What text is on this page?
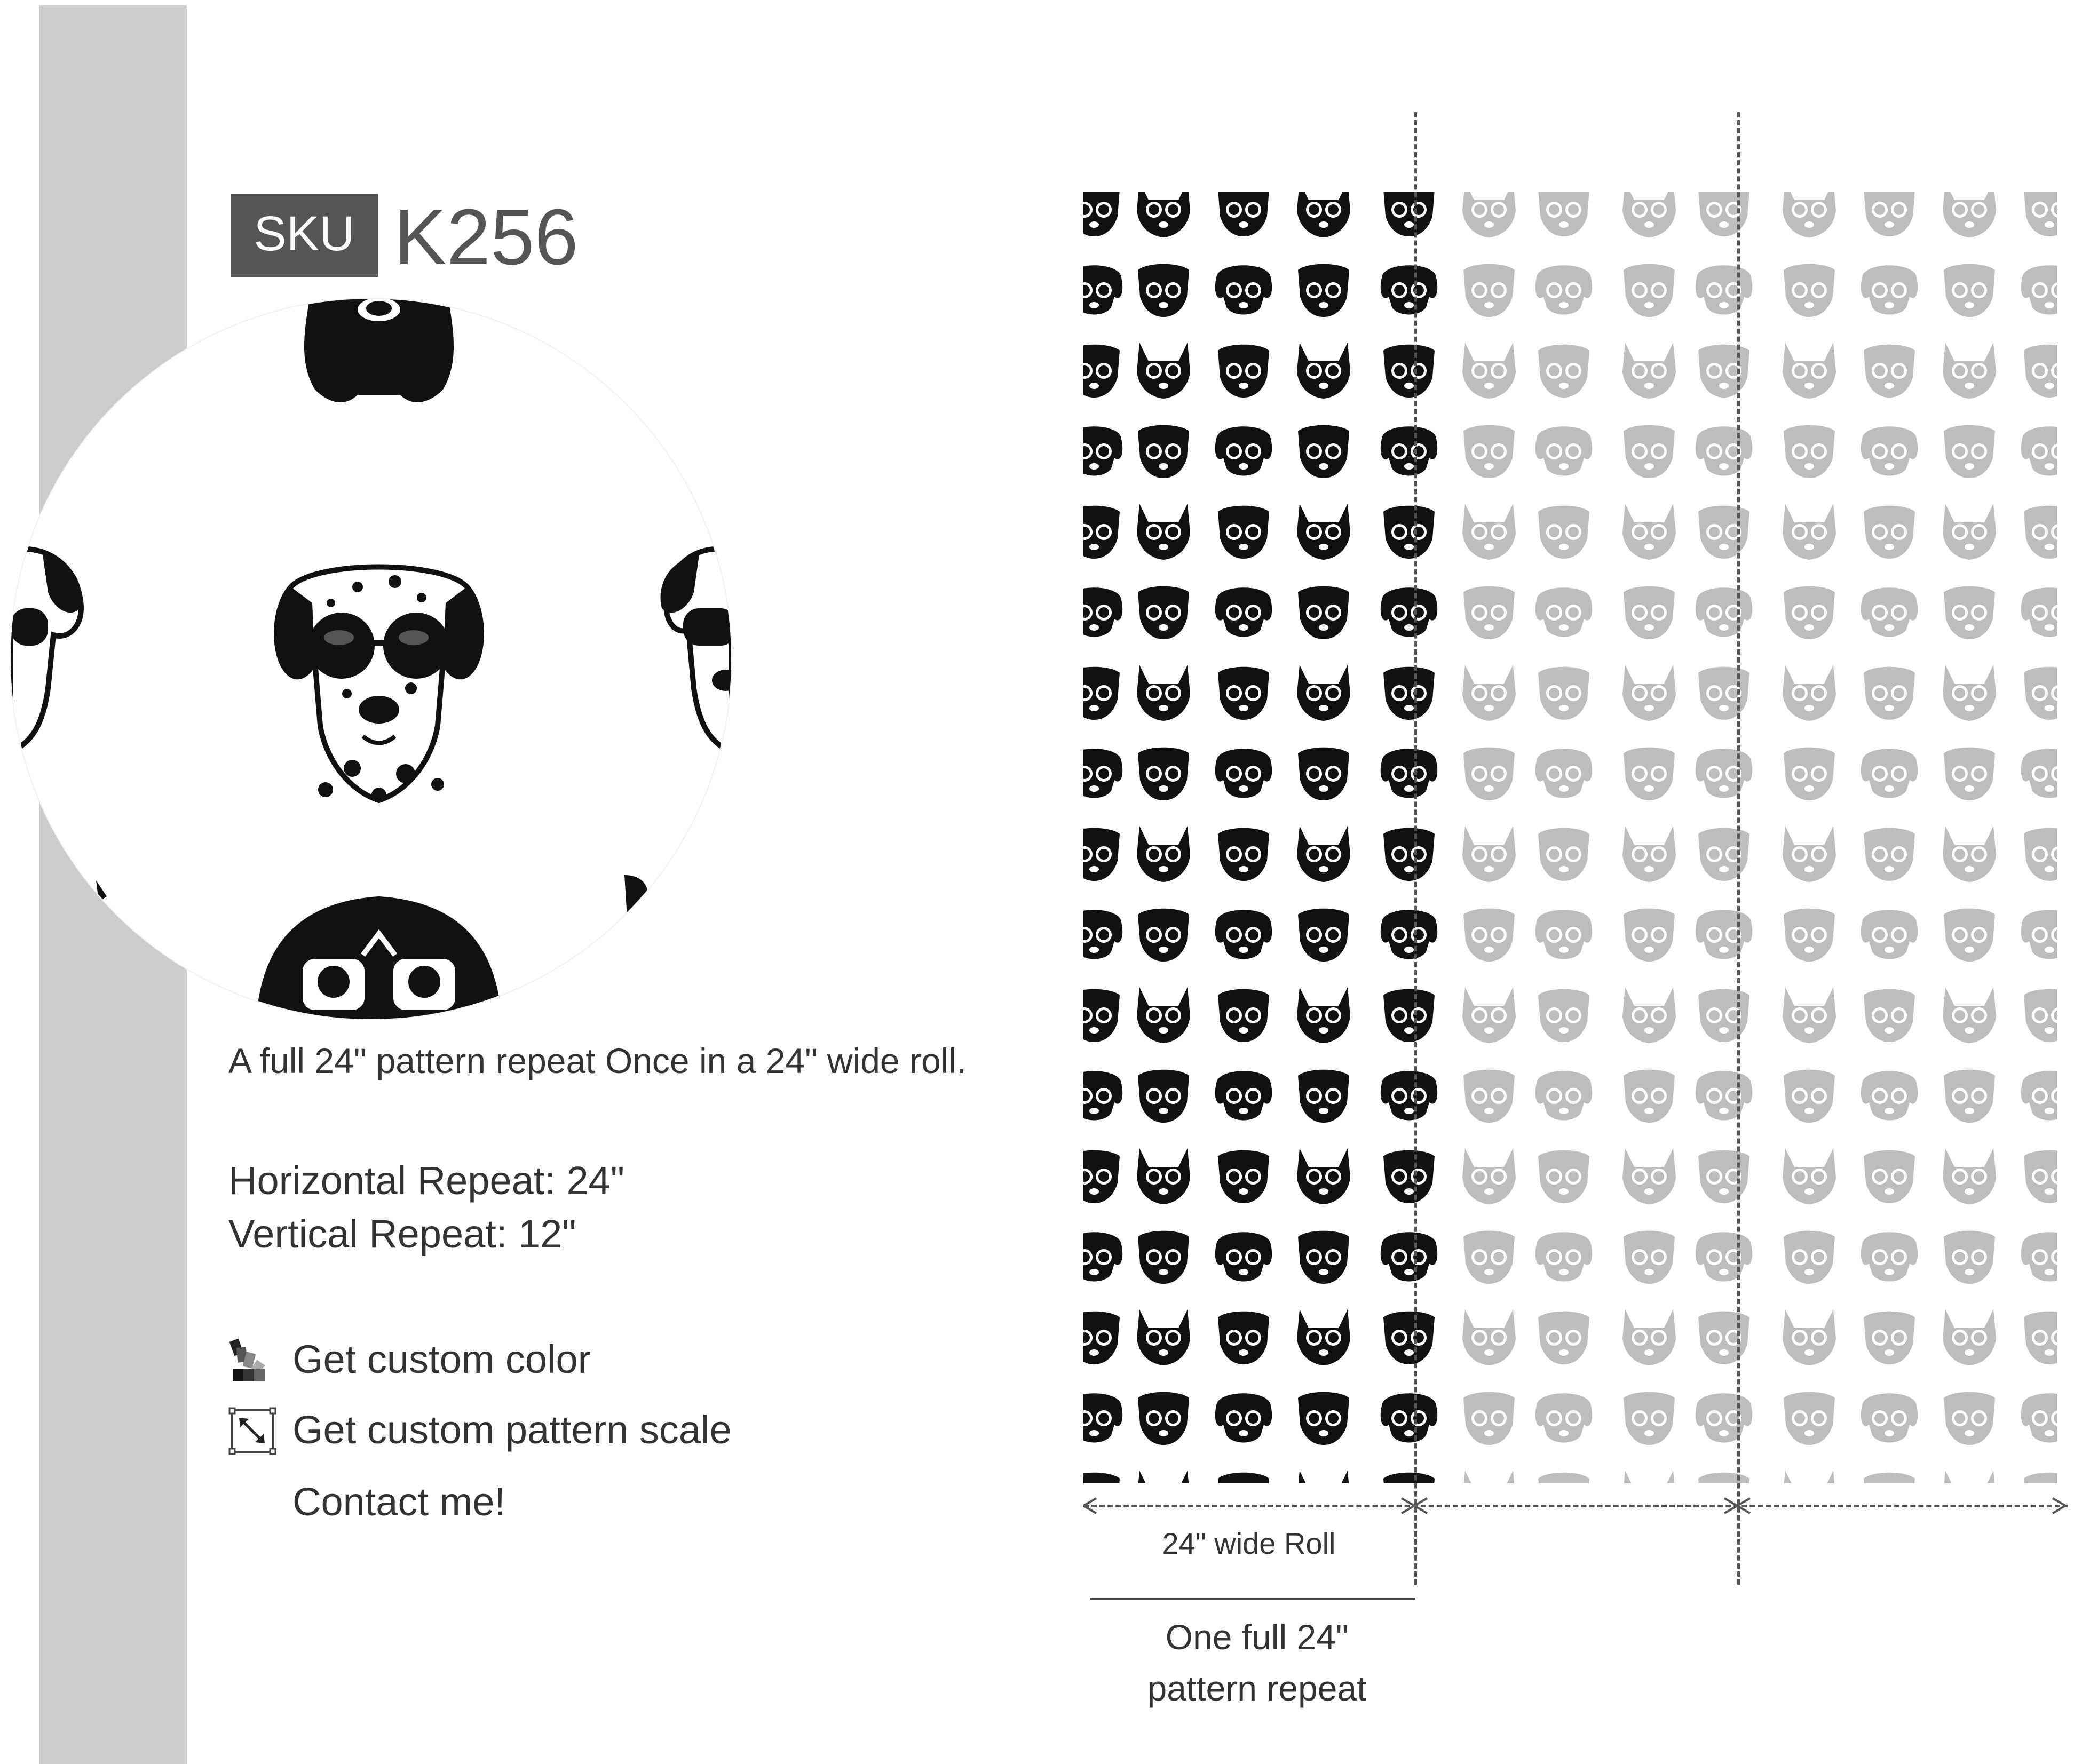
SKU K256
A full 24" pattern repeat Once in a 24" wide roll.
Horizontal Repeat: 24"
Vertical Repeat: 12"
Get custom color
Get custom pattern scale
Contact me!
24" wide Roll
One full 24"
pattern repeat
